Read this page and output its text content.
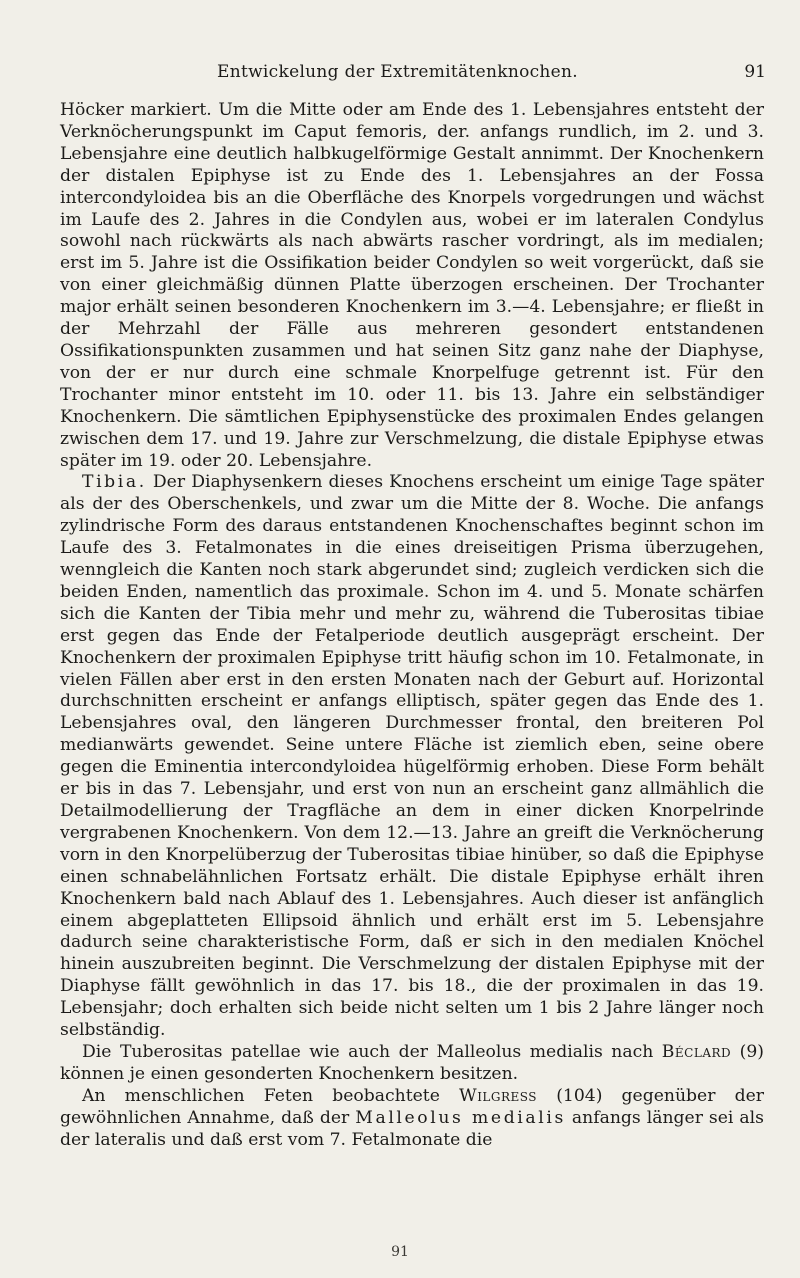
Entwickelung der Extremitätenknochen.	91

Höcker markiert. Um die Mitte oder am Ende des 1. Lebensjahres entsteht der Verknöcherungspunkt im Caput femoris, der. anfangs rundlich, im 2. und 3. Lebensjahre eine deutlich halbkugelförmige Gestalt annimmt. Der Knochenkern der distalen Epiphyse ist zu Ende des 1. Lebensjahres an der Fossa intercondyloidea bis an die Oberfläche des Knorpels vorgedrungen und wächst im Laufe des 2. Jahres in die Condylen aus, wobei er im lateralen Condylus sowohl nach rückwärts als nach abwärts rascher vordringt, als im medialen; erst im 5. Jahre ist die Ossifikation beider Condylen so weit vorgerückt, daß sie von einer gleichmäßig dünnen Platte überzogen erscheinen. Der Trochanter major erhält seinen besonderen Knochenkern im 3.—4. Lebensjahre; er fließt in der Mehrzahl der Fälle aus mehreren gesondert entstandenen Ossifikationspunkten zusammen und hat seinen Sitz ganz nahe der Diaphyse, von der er nur durch eine schmale Knorpelfuge getrennt ist. Für den Trochanter minor entsteht im 10. oder 11. bis 13. Jahre ein selbständiger Knochenkern. Die sämtlichen Epiphysenstücke des proximalen Endes gelangen zwischen dem 17. und 19. Jahre zur Verschmelzung, die distale Epiphyse etwas später im 19. oder 20. Lebensjahre.

Tibia. Der Diaphysenkern dieses Knochens erscheint um einige Tage später als der des Oberschenkels, und zwar um die Mitte der 8. Woche. Die anfangs zylindrische Form des daraus entstandenen Knochenschaftes beginnt schon im Laufe des 3. Fetalmonates in die eines dreiseitigen Prisma überzugehen, wenngleich die Kanten noch stark abgerundet sind; zugleich verdicken sich die beiden Enden, namentlich das proximale. Schon im 4. und 5. Monate schärfen sich die Kanten der Tibia mehr und mehr zu, während die Tuberositas tibiae erst gegen das Ende der Fetalperiode deutlich ausgeprägt erscheint. Der Knochenkern der proximalen Epiphyse tritt häufig schon im 10. Fetalmonate, in vielen Fällen aber erst in den ersten Monaten nach der Geburt auf. Horizontal durchschnitten erscheint er anfangs elliptisch, später gegen das Ende des 1. Lebensjahres oval, den längeren Durchmesser frontal, den breiteren Pol medianwärts gewendet. Seine untere Fläche ist ziemlich eben, seine obere gegen die Eminentia intercondyloidea hügelförmig erhoben. Diese Form behält er bis in das 7. Lebensjahr, und erst von nun an erscheint ganz allmählich die Detailmodellierung der Tragfläche an dem in einer dicken Knorpelrinde vergrabenen Knochenkern. Von dem 12.—13. Jahre an greift die Verknöcherung vorn in den Knorpelüberzug der Tuberositas tibiae hinüber, so daß die Epiphyse einen schnabelähnlichen Fortsatz erhält. Die distale Epiphyse erhält ihren Knochenkern bald nach Ablauf des 1. Lebensjahres. Auch dieser ist anfänglich einem abgeplatteten Ellipsoid ähnlich und erhält erst im 5. Lebensjahre dadurch seine charakteristische Form, daß er sich in den medialen Knöchel hinein auszubreiten beginnt. Die Verschmelzung der distalen Epiphyse mit der Diaphyse fällt gewöhnlich in das 17. bis 18., die der proximalen in das 19. Lebensjahr; doch erhalten sich beide nicht selten um 1 bis 2 Jahre länger noch selbständig.

Die Tuberositas patellae wie auch der Malleolus medialis nach Béclard (9) können je einen gesonderten Knochenkern besitzen.

An menschlichen Feten beobachtete Wilgress (104) gegenüber der gewöhnlichen Annahme, daß der Malleolus medialis anfangs länger sei als der lateralis und daß erst vom 7. Fetalmonate die

91
